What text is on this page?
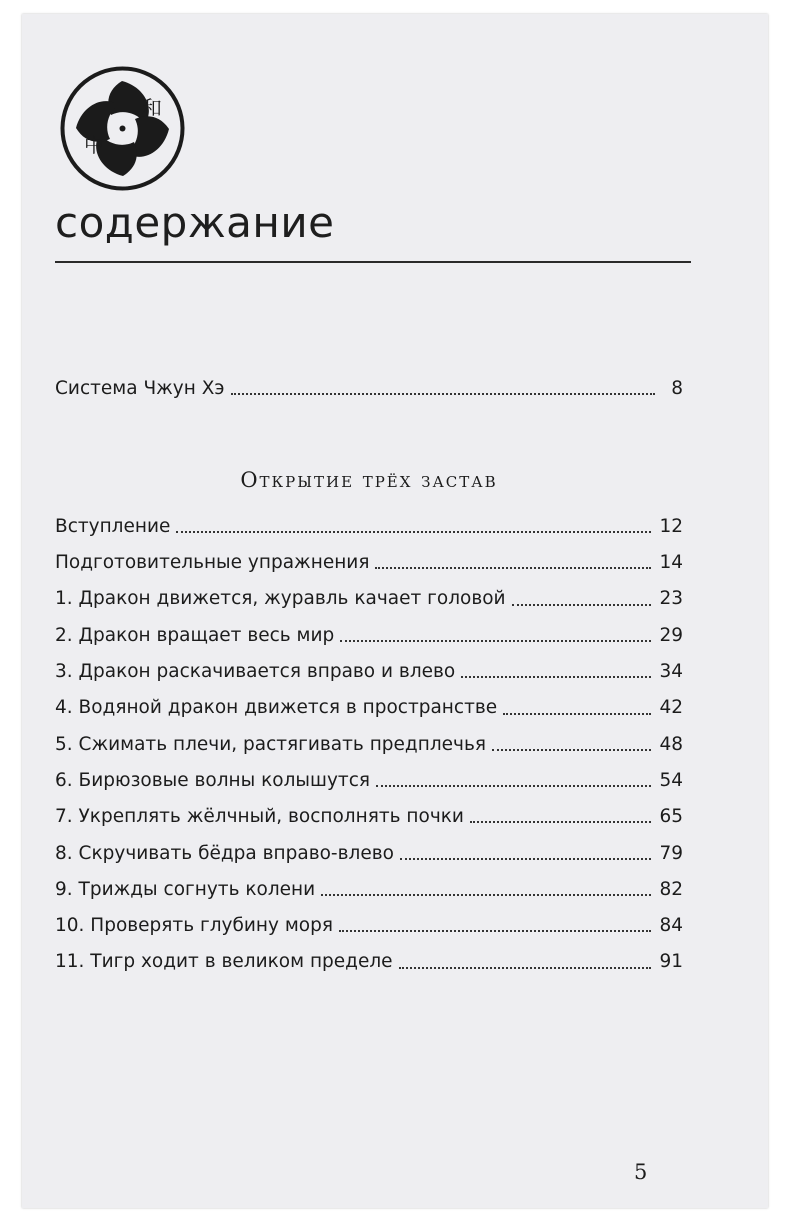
中
和
содержание
Система Чжун Хэ	8
Открытие трёх застав
Вступление	12
Подготовительные упражнения	14
1. Дракон движется, журавль качает головой	23
2. Дракон вращает весь мир	29
3. Дракон раскачивается вправо и влево	34
4. Водяной дракон движется в пространстве	42
5. Сжимать плечи, растягивать предплечья	48
6. Бирюзовые волны колышутся	54
7. Укреплять жёлчный, восполнять почки	65
8. Скручивать бёдра вправо-влево	79
9. Трижды согнуть колени	82
10. Проверять глубину моря	84
11. Тигр ходит в великом пределе	91
5
